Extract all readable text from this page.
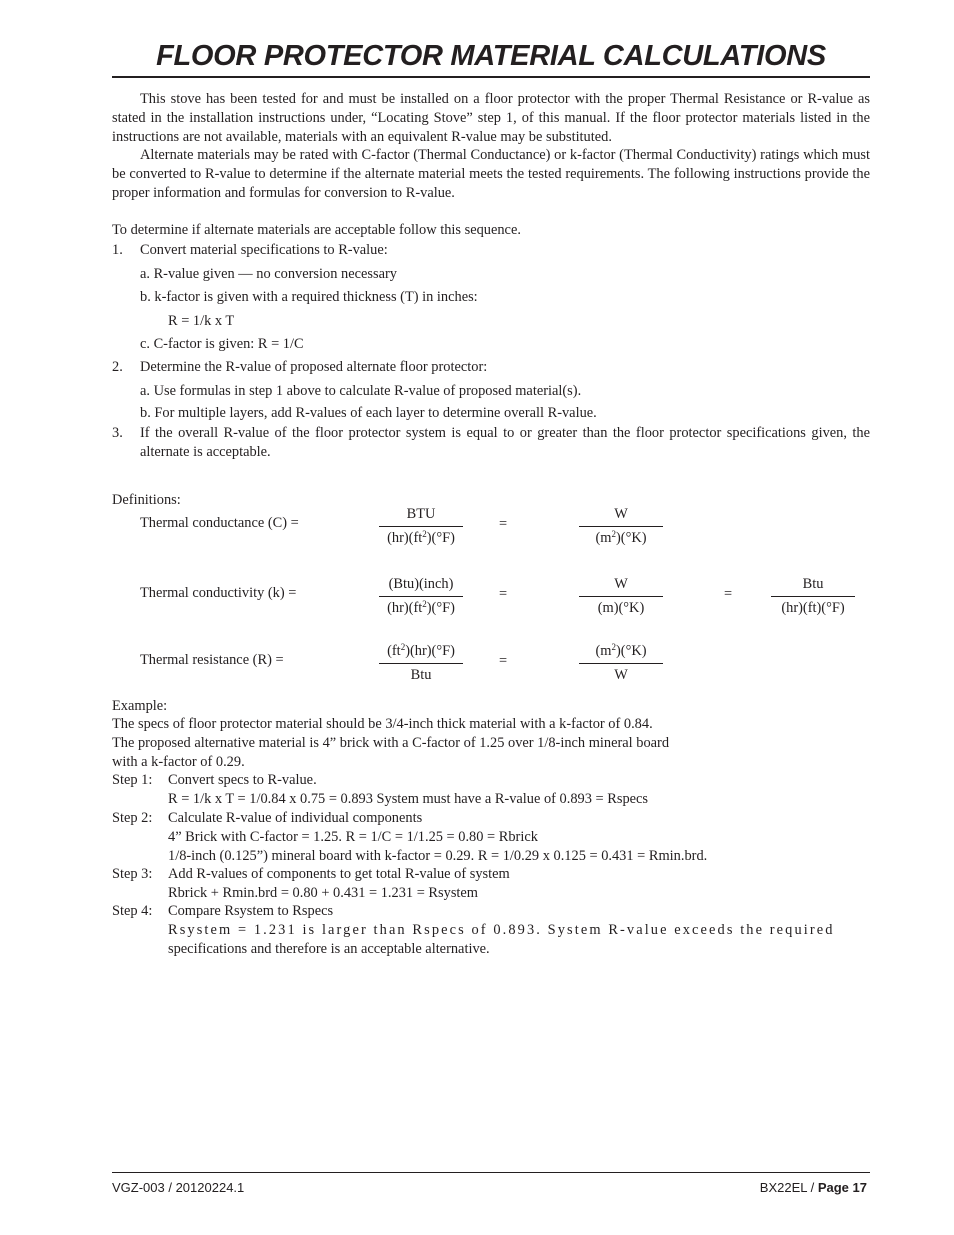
FLOOR PROTECTOR MATERIAL CALCULATIONS
This stove has been tested for and must be installed on a floor protector with the proper Thermal Resistance or R-value as stated in the installation instructions under, “Locating Stove” step 1, of this manual. If the floor protector materials listed in the instructions are not available, materials with an equivalent R-value may be substituted.
Alternate materials may be rated with C-factor (Thermal Conductance) or k-factor (Thermal Conductivity) ratings which must be converted to R-value to determine if the alternate material meets the tested requirements. The following instructions provide the proper information and formulas for conversion to R-value.
To determine if alternate materials are acceptable follow this sequence.
1. Convert material specifications to R-value:
a. R-value given — no conversion necessary
b. k-factor is given with a required thickness (T) in inches:
R = 1/k x T
c. C-factor is given: R = 1/C
2. Determine the R-value of proposed alternate floor protector:
a. Use formulas in step 1 above to calculate R-value of proposed material(s).
b. For multiple layers, add R-values of each layer to determine overall R-value.
3. If the overall R-value of the floor protector system is equal to or greater than the floor protector specifications given, the alternate is acceptable.
Definitions:
Thermal conductance (C) =
BTU
$(hr)(ft^2)(^\circ F)$
=	$\frac{W}{(m^2)(^\circ K)}$
Thermal conductivity (k) =
(Btu)(inch)
$(hr)(ft^2)(^\circ F)$
=	$\frac{W}{(m)(^\circ K)}$	=
Btu
(hr)(ft)(°F)
Thermal resistance (R) =
$(ft^2)(hr)(^\circ F)$
Btu
=	$\frac{(m^2)(^\circ K)}{W}$
Example:
The specs of floor protector material should be 3/4-inch thick material with a k-factor of 0.84.
The proposed alternative material is 4” brick with a C-factor of 1.25 over 1/8-inch mineral board
with a k-factor of 0.29.
Step 1: Convert specs to R-value.
R = 1/k x T = 1/0.84 x 0.75 = 0.893 System must have a R-value of 0.893 = Rspecs
Step 2: Calculate R-value of individual components
4” Brick with C-factor = 1.25. R = 1/C = 1/1.25 = 0.80 = Rbrick
1/8-inch (0.125”) mineral board with k-factor = 0.29. R = 1/0.29 x 0.125 = 0.431 = Rmin.brd.
Step 3: Add R-values of components to get total R-value of system
Rbrick + Rmin.brd = 0.80 + 0.431 = 1.231 = Rsystem
Step 4: Compare Rsystem to Rspecs
Rsystem = 1.231 is larger than Rspecs of 0.893. System R-value exceeds the required
specifications and therefore is an acceptable alternative.
VGZ-003 / 20120224.1	BX22EL / Page 17
